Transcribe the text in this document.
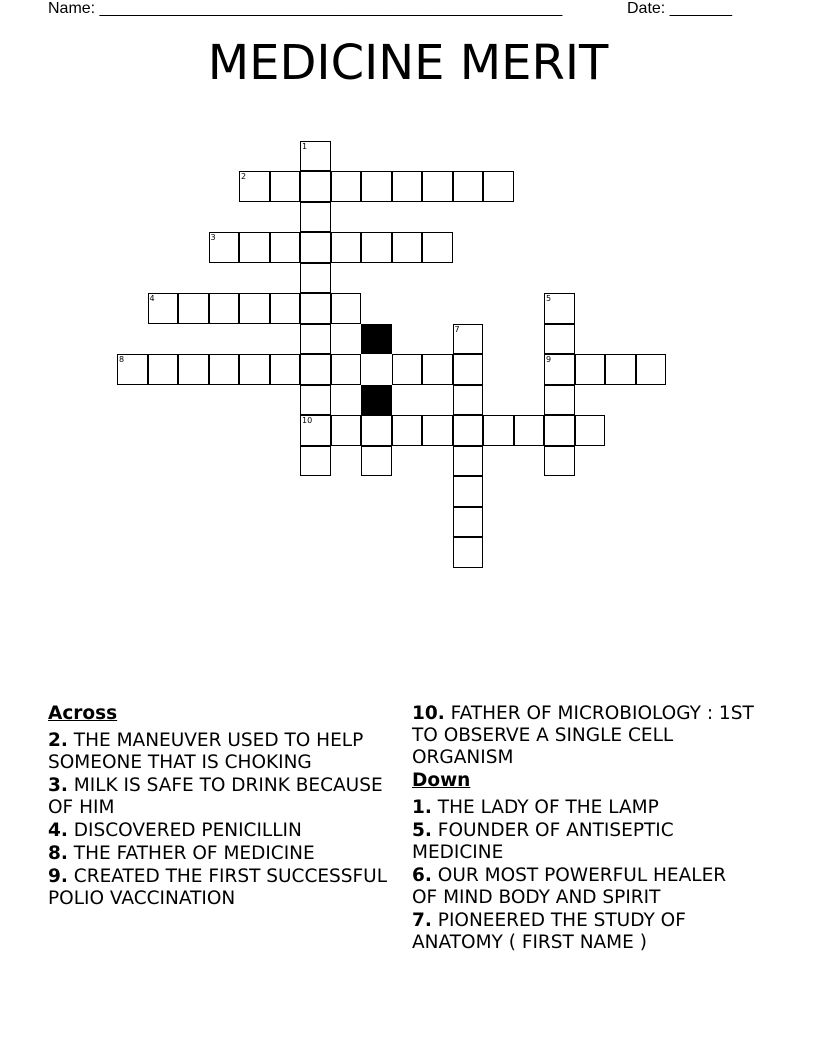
Name: ____________________________________________________	Date: _______
MEDICINE MERIT
1
2
3
4
8
6	7
5
9
10
Across
2. THE MANEUVER USED TO HELP SOMEONE THAT IS CHOKING
3. MILK IS SAFE TO DRINK BECAUSE OF HIM
4. DISCOVERED PENICILLIN
8. THE FATHER OF MEDICINE
9. CREATED THE FIRST SUCCESSFUL POLIO VACCINATION
10. FATHER OF MICROBIOLOGY : 1ST TO OBSERVE A SINGLE CELL ORGANISM
Down
1. THE LADY OF THE LAMP
5. FOUNDER OF ANTISEPTIC MEDICINE
6. OUR MOST POWERFUL HEALER OF MIND BODY AND SPIRIT
7. PIONEERED THE STUDY OF ANATOMY ( FIRST NAME )
